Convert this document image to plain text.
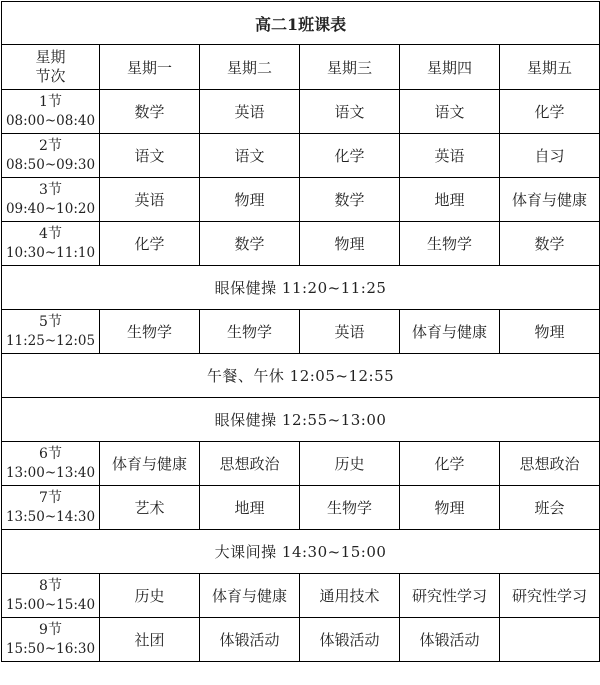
高二1班课表					

星期
节次	星期一	星期二	星期三	星期四	星期五

1节
08:00~08:40	数学	英语	语文	语文	化学

2节
08:50~09:30	语文	语文	化学	英语	自习

3节
09:40~10:20	英语	物理	数学	地理	体育与健康

4节
10:30~11:10	化学	数学	物理	生物学	数学
眼保健操 11:20~11:25					

5节
11:25~12:05	生物学	生物学	英语	体育与健康	物理
午餐、午休 12:05~12:55					
眼保健操 12:55~13:00					

6节
13:00~13:40	体育与健康	思想政治	历史	化学	思想政治

7节
13:50~14:30	艺术	地理	生物学	物理	班会
大课间操 14:30~15:00					

8节
15:00~15:40	历史	体育与健康	通用技术	研究性学习	研究性学习

9节
15:50~16:30	社团	体锻活动	体锻活动	体锻活动	
